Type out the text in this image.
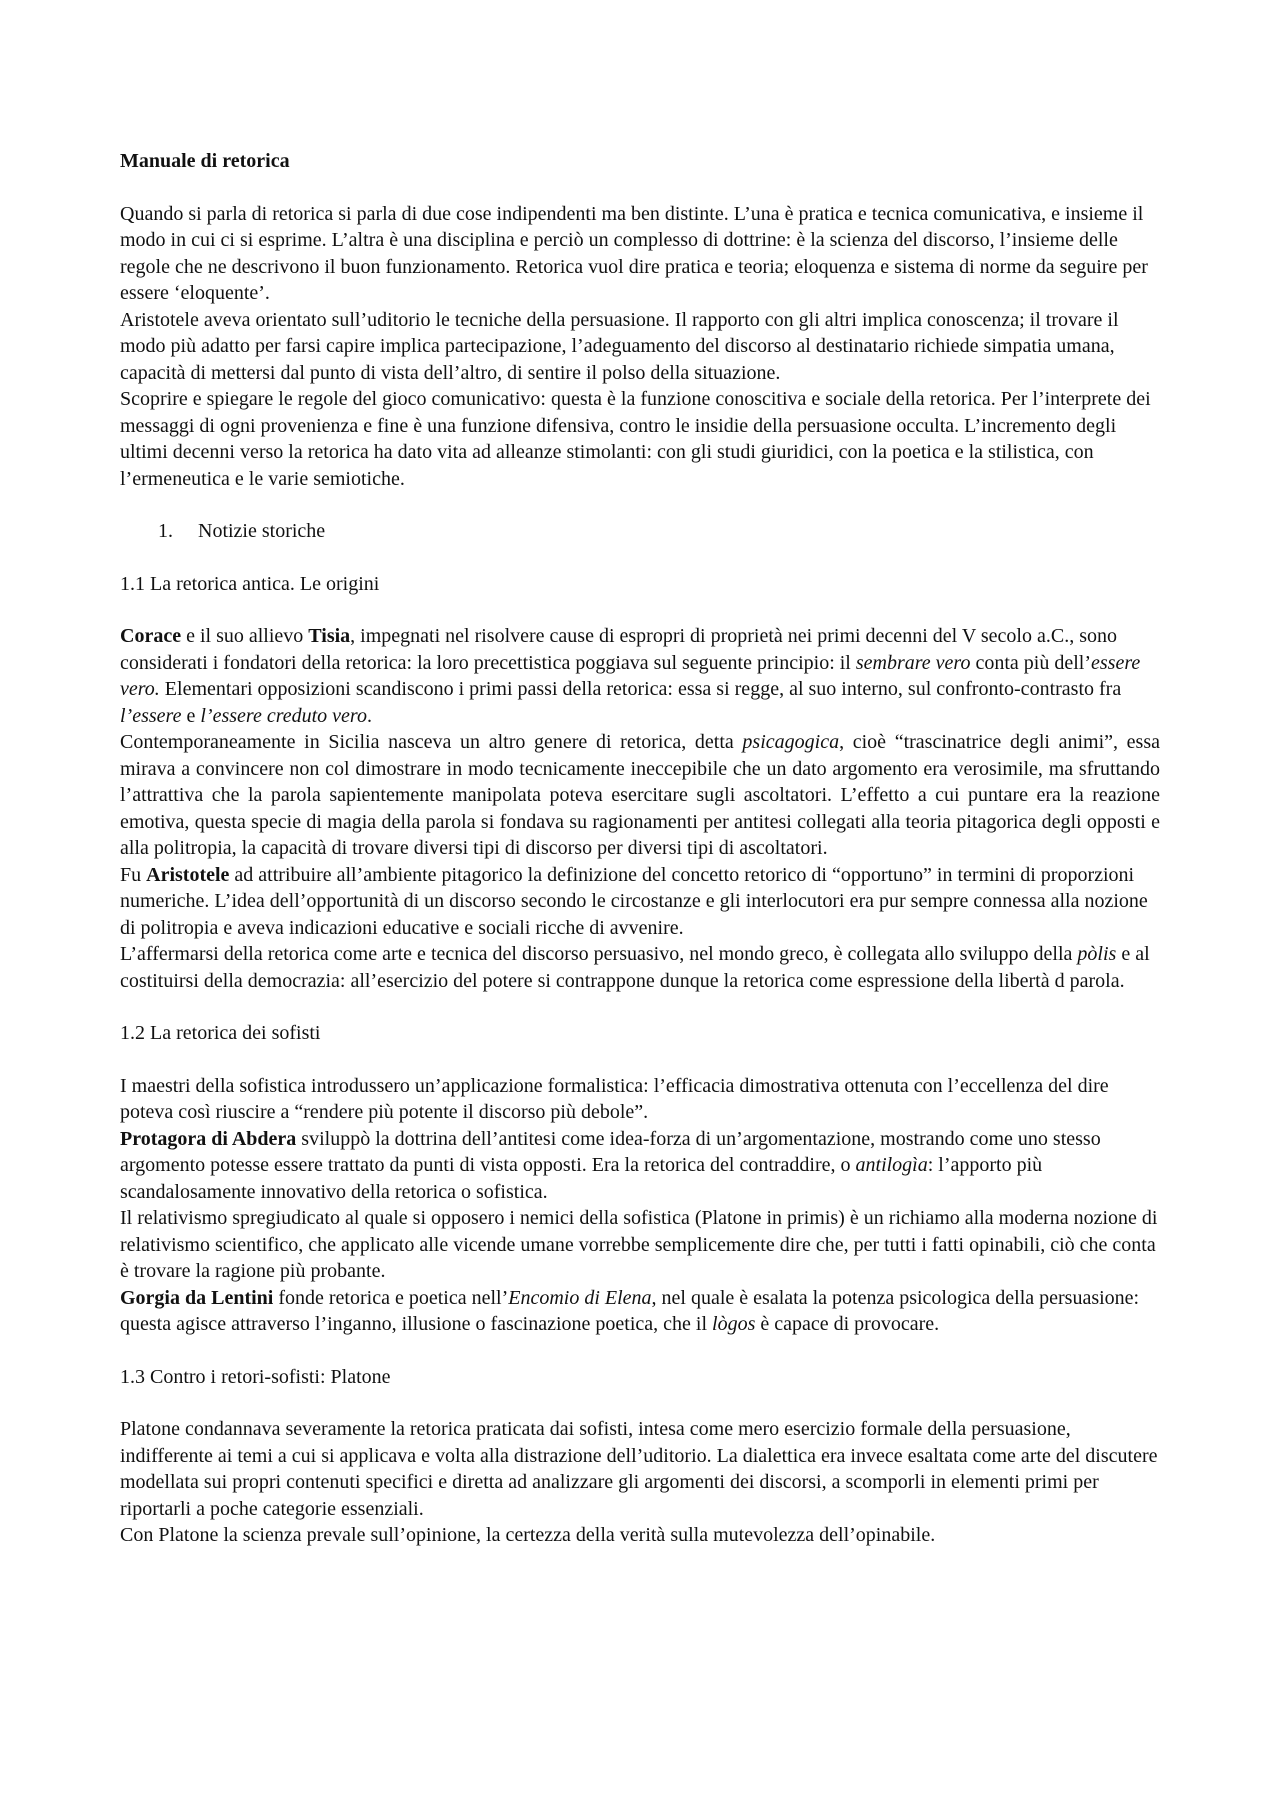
Manuale di retorica

Quando si parla di retorica si parla di due cose indipendenti ma ben distinte. L’una è pratica e tecnica comunicativa, e insieme il modo in cui ci si esprime. L’altra è una disciplina e perciò un complesso di dottrine: è la scienza del discorso, l’insieme delle regole che ne descrivono il buon funzionamento. Retorica vuol dire pratica e teoria; eloquenza e sistema di norme da seguire per essere ‘eloquente’.

Aristotele aveva orientato sull’uditorio le tecniche della persuasione. Il rapporto con gli altri implica conoscenza; il trovare il modo più adatto per farsi capire implica partecipazione, l’adeguamento del discorso al destinatario richiede simpatia umana, capacità di mettersi dal punto di vista dell’altro, di sentire il polso della situazione.

Scoprire e spiegare le regole del gioco comunicativo: questa è la funzione conoscitiva e sociale della retorica. Per l’interprete dei messaggi di ogni provenienza e fine è una funzione difensiva, contro le insidie della persuasione occulta. L’incremento degli ultimi decenni verso la retorica ha dato vita ad alleanze stimolanti: con gli studi giuridici, con la poetica e la stilistica, con l’ermeneutica e le varie semiotiche.

1. Notizie storiche

1.1 La retorica antica. Le origini

Corace e il suo allievo Tisia, impegnati nel risolvere cause di espropri di proprietà nei primi decenni del V secolo a.C., sono considerati i fondatori della retorica: la loro precettistica poggiava sul seguente principio: il sembrare vero conta più dell’essere vero. Elementari opposizioni scandiscono i primi passi della retorica: essa si regge, al suo interno, sul confronto-contrasto fra l’essere e l’essere creduto vero.

Contemporaneamente in Sicilia nasceva un altro genere di retorica, detta psicagogica, cioè “trascinatrice degli animi”, essa mirava a convincere non col dimostrare in modo tecnicamente ineccepibile che un dato argomento era verosimile, ma sfruttando l’attrattiva che la parola sapientemente manipolata poteva esercitare sugli ascoltatori. L’effetto a cui puntare era la reazione emotiva, questa specie di magia della parola si fondava su ragionamenti per antitesi collegati alla teoria pitagorica degli opposti e alla politropia, la capacità di trovare diversi tipi di discorso per diversi tipi di ascoltatori.

Fu Aristotele ad attribuire all’ambiente pitagorico la definizione del concetto retorico di “opportuno” in termini di proporzioni numeriche. L’idea dell’opportunità di un discorso secondo le circostanze e gli interlocutori era pur sempre connessa alla nozione di politropia e aveva indicazioni educative e sociali ricche di avvenire.

L’affermarsi della retorica come arte e tecnica del discorso persuasivo, nel mondo greco, è collegata allo sviluppo della pòlis e al costituirsi della democrazia: all’esercizio del potere si contrappone dunque la retorica come espressione della libertà d parola.

1.2 La retorica dei sofisti

I maestri della sofistica introdussero un’applicazione formalistica: l’efficacia dimostrativa ottenuta con l’eccellenza del dire poteva così riuscire a “rendere più potente il discorso più debole”.

Protagora di Abdera sviluppò la dottrina dell’antitesi come idea-forza di un’argomentazione, mostrando come uno stesso argomento potesse essere trattato da punti di vista opposti. Era la retorica del contraddire, o antilogìa: l’apporto più scandalosamente innovativo della retorica o sofistica.

Il relativismo spregiudicato al quale si opposero i nemici della sofistica (Platone in primis) è un richiamo alla moderna nozione di relativismo scientifico, che applicato alle vicende umane vorrebbe semplicemente dire che, per tutti i fatti opinabili, ciò che conta è trovare la ragione più probante.

Gorgia da Lentini fonde retorica e poetica nell’Encomio di Elena, nel quale è esalata la potenza psicologica della persuasione: questa agisce attraverso l’inganno, illusione o fascinazione poetica, che il lògos è capace di provocare.

1.3 Contro i retori-sofisti: Platone

Platone condannava severamente la retorica praticata dai sofisti, intesa come mero esercizio formale della persuasione, indifferente ai temi a cui si applicava e volta alla distrazione dell’uditorio. La dialettica era invece esaltata come arte del discutere modellata sui propri contenuti specifici e diretta ad analizzare gli argomenti dei discorsi, a scomporli in elementi primi per riportarli a poche categorie essenziali.

Con Platone la scienza prevale sull’opinione, la certezza della verità sulla mutevolezza dell’opinabile.
